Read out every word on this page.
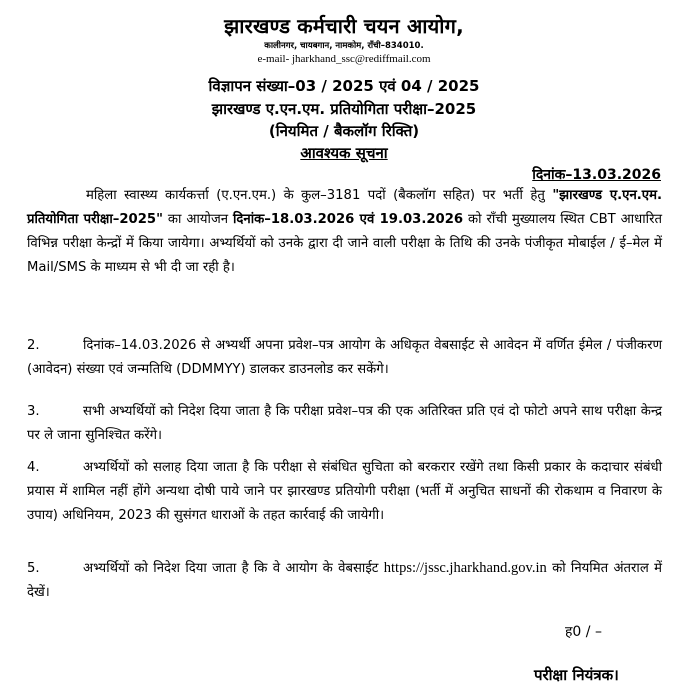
झारखण्ड कर्मचारी चयन आयोग,
कालीनगर, चायबगान, नामकोम, राँची–834010.
e-mail- jharkhand_ssc@rediffmail.com
विज्ञापन संख्या–03 / 2025 एवं 04 / 2025
झारखण्ड ए.एन.एम. प्रतियोगिता परीक्षा–2025
(नियमित / बैकलॉग रिक्ति)
आवश्यक सूचना
दिनांक–13.03.2026
महिला स्वास्थ्य कार्यकर्त्ता (ए.एन.एम.) के कुल–3181 पदों (बैकलॉग सहित) पर भर्ती हेतु "झारखण्ड ए.एन.एम. प्रतियोगिता परीक्षा–2025" का आयोजन दिनांक–18.03.2026 एवं 19.03.2026 को राँची मुख्यालय स्थित CBT आधारित विभिन्न परीक्षा केन्द्रों में किया जायेगा। अभ्यर्थियों को उनके द्वारा दी जाने वाली परीक्षा के तिथि की उनके पंजीकृत मोबाईल / ई–मेल में Mail/SMS के माध्यम से भी दी जा रही है।
2.	दिनांक–14.03.2026 से अभ्यर्थी अपना प्रवेश–पत्र आयोग के अधिकृत वेबसाईट से आवेदन में वर्णित ईमेल / पंजीकरण (आवेदन) संख्या एवं जन्मतिथि (DDMMYY) डालकर डाउनलोड कर सकेंगे।
3.	सभी अभ्यर्थियों को निदेश दिया जाता है कि परीक्षा प्रवेश–पत्र की एक अतिरिक्त प्रति एवं दो फोटो अपने साथ परीक्षा केन्द्र पर ले जाना सुनिश्चित करेंगे।
4.	अभ्यर्थियों को सलाह दिया जाता है कि परीक्षा से संबंधित सुचिता को बरकरार रखेंगे तथा किसी प्रकार के कदाचार संबंधी प्रयास में शामिल नहीं होंगे अन्यथा दोषी पाये जाने पर झारखण्ड प्रतियोगी परीक्षा (भर्ती में अनुचित साधनों की रोकथाम व निवारण के उपाय) अधिनियम, 2023 की सुसंगत धाराओं के तहत कार्रवाई की जायेगी।
5.	अभ्यर्थियों को निदेश दिया जाता है कि वे आयोग के वेबसाईट https://jssc.jharkhand.gov.in को नियमित अंतराल में देखें।
ह0 / –
परीक्षा नियंत्रक।
